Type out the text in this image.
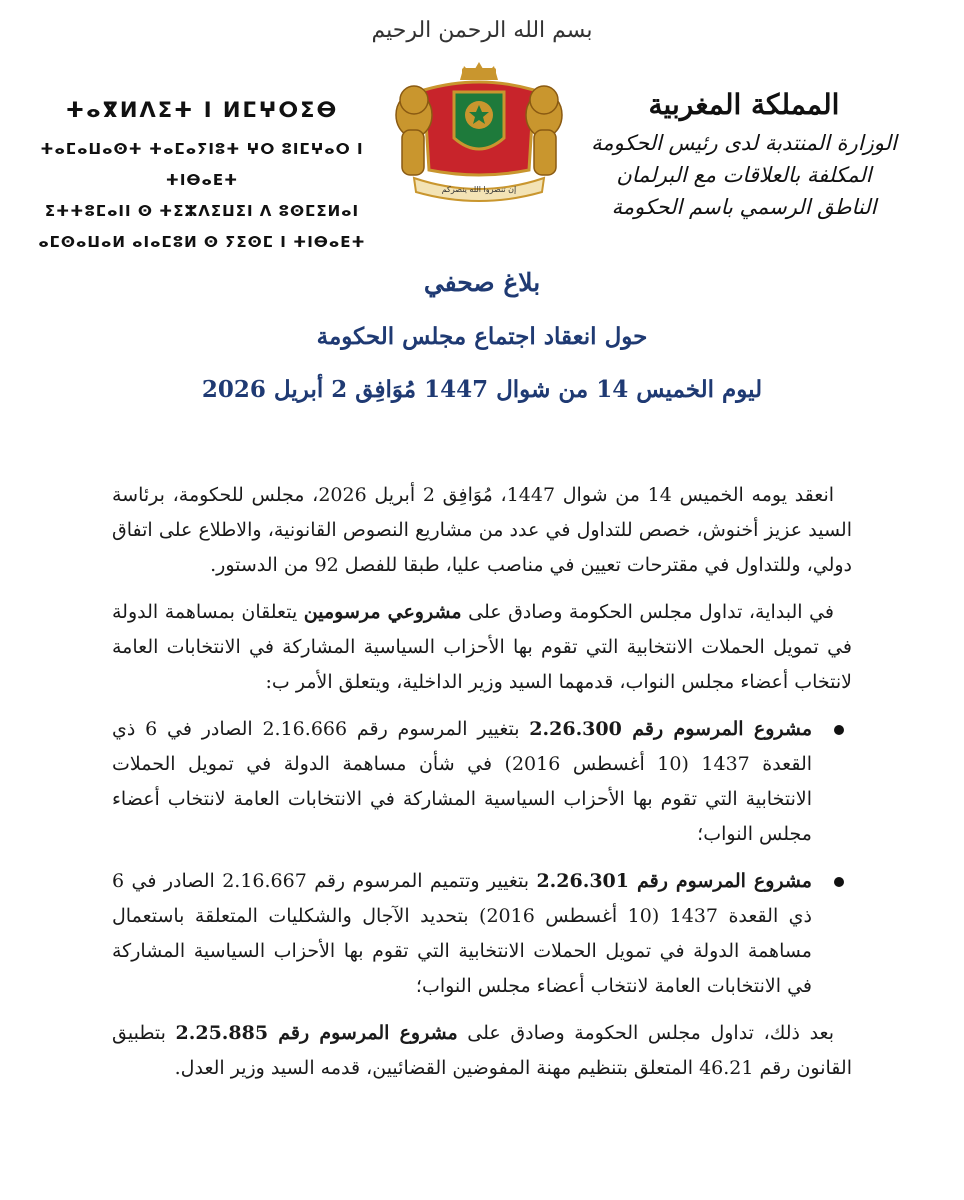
بسم الله الرحمن الرحيم
ⵜⴰⴳⵍⴷⵉⵜ ⵏ ⵍⵎⵖⵔⵉⴱ
ⵜⴰⵎⴰⵡⴰⵙⵜ ⵜⴰⵎⴰⵢⵏⵓⵜ ⵖⵔ ⵓⵏⵎⵖⴰⵔ ⵏ ⵜⵏⴱⴰⴹⵜ
ⵉⵜⵜⵓⵎⴰⵏⵏ ⵙ ⵜⵉⵣⴷⵉⵡⵉⵏ ⴷ ⵓⵙⵎⵉⵍⴰⵏ
ⴰⵎⵙⴰⵡⴰⵍ ⴰⵏⴰⵎⵓⵍ ⵙ ⵢⵉⵙⵎ ⵏ ⵜⵏⴱⴰⴹⵜ
إن تنصروا الله ينصركم
المملكة المغربية
الوزارة المنتدبة لدى رئيس الحكومة
المكلفة بالعلاقات مع البرلمان
الناطق الرسمي باسم الحكومة
بلاغ صحفي
حول انعقاد اجتماع مجلس الحكومة
ليوم الخميس 14 من شوال 1447 مُوَافِق 2 أبريل 2026

انعقد يومه الخميس 14 من شوال 1447، مُوَافِق 2 أبريل 2026، مجلس للحكومة، برئاسة السيد عزيز أخنوش، خصص للتداول في عدد من مشاريع النصوص القانونية، والاطلاع على اتفاق دولي، وللتداول في مقترحات تعيين في مناصب عليا، طبقا للفصل 92 من الدستور.

في البداية، تداول مجلس الحكومة وصادق على مشروعي مرسومين يتعلقان بمساهمة الدولة في تمويل الحملات الانتخابية التي تقوم بها الأحزاب السياسية المشاركة في الانتخابات العامة لانتخاب أعضاء مجلس النواب، قدمهما السيد وزير الداخلية، ويتعلق الأمر ب:

مشروع المرسوم رقم 2.26.300 بتغيير المرسوم رقم 2.16.666 الصادر في 6 ذي القعدة 1437 (10 أغسطس 2016) في شأن مساهمة الدولة في تمويل الحملات الانتخابية التي تقوم بها الأحزاب السياسية المشاركة في الانتخابات العامة لانتخاب أعضاء مجلس النواب؛
مشروع المرسوم رقم 2.26.301 بتغيير وتتميم المرسوم رقم 2.16.667 الصادر في 6 ذي القعدة 1437 (10 أغسطس 2016) بتحديد الآجال والشكليات المتعلقة باستعمال مساهمة الدولة في تمويل الحملات الانتخابية التي تقوم بها الأحزاب السياسية المشاركة في الانتخابات العامة لانتخاب أعضاء مجلس النواب؛

بعد ذلك، تداول مجلس الحكومة وصادق على مشروع المرسوم رقم 2.25.885 بتطبيق القانون رقم 46.21 المتعلق بتنظيم مهنة المفوضين القضائيين، قدمه السيد وزير العدل.
